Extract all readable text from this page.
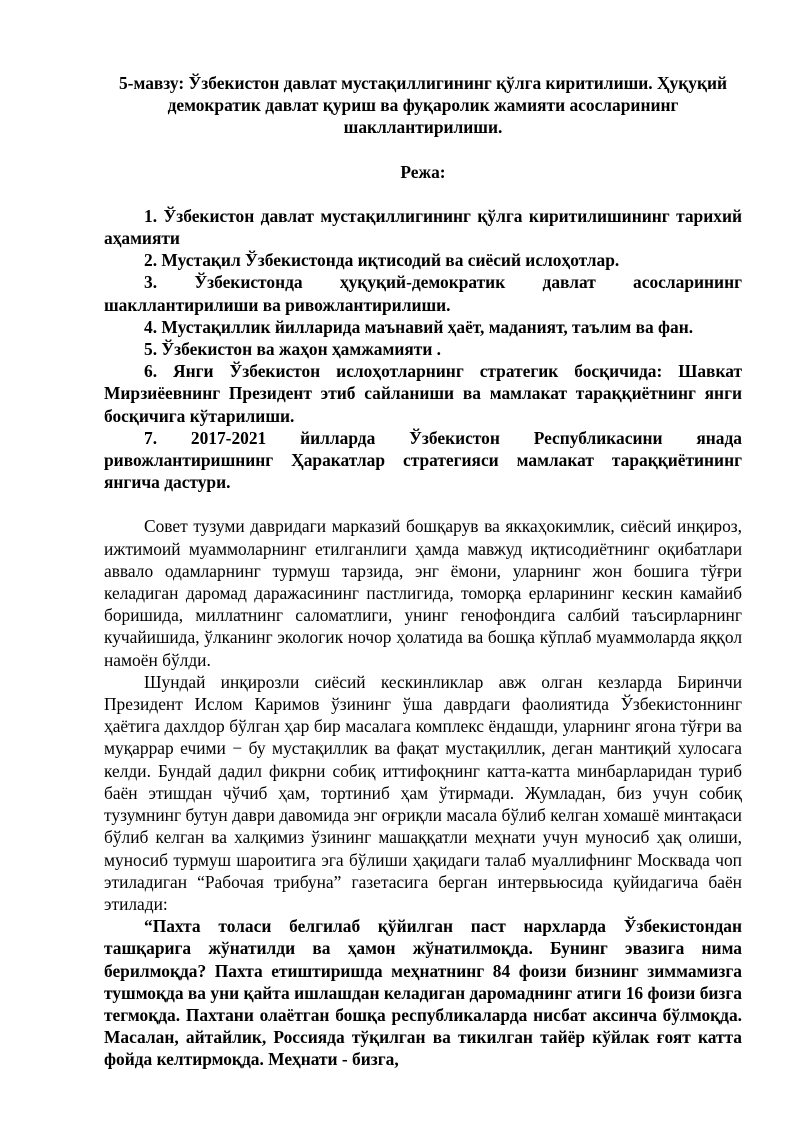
5-мавзу: Ўзбекистон давлат мустақиллигининг қўлга киритилиши. Ҳуқуқий демократик давлат қуриш ва фуқаролик жамияти асосларининг шакллантирилиши.

Режа:

1. Ўзбекистон давлат мустақиллигининг қўлга киритилишининг тарихий аҳамияти
2. Мустақил Ўзбекистонда иқтисодий ва сиёсий ислоҳотлар.
3. Ўзбекистонда ҳуқуқий-демократик давлат асосларининг шакллантирилиши ва ривожлантирилиши.
4. Мустақиллик йилларида маънавий ҳаёт, маданият, таълим ва фан.
5. Ўзбекистон ва жаҳон ҳамжамияти .
6. Янги Ўзбекистон ислоҳотларнинг стратегик босқичида: Шавкат Мирзиёевнинг Президент этиб сайланиши ва мамлакат тараққиётнинг янги босқичига кўтарилиши.
7. 2017-2021 йилларда Ўзбекистон Республикасини янада ривожлантиришнинг Ҳаракатлар стратегияси мамлакат тараққиётининг янгича дастури.

Совет тузуми давридаги марказий бошқарув ва яккаҳокимлик, сиёсий инқироз, ижтимоий муаммоларнинг етилганлиги ҳамда мавжуд иқтисодиётнинг оқибатлари аввало одамларнинг турмуш тарзида, энг ёмони, уларнинг жон бошига тўғри келадиган даромад даражасининг пастлигида, томорқа ерларининг кескин камайиб боришида, миллатнинг саломатлиги, унинг генофондига салбий таъсирларнинг кучайишида, ўлканинг экологик ночор ҳолатида ва бошқа кўплаб муаммоларда яққол намоён бўлди.

Шундай инқирозли сиёсий кескинликлар авж олган кезларда Биринчи Президент Ислом Каримов ўзининг ўша даврдаги фаолиятида Ўзбекистоннинг ҳаётига дахлдор бўлган ҳар бир масалага комплекс ёндашди, уларнинг ягона тўғри ва муқаррар ечими − бу мустақиллик ва фақат мустақиллик, деган мантиқий хулосага келди. Бундай дадил фикрни собиқ иттифоқнинг катта-катта минбарларидан туриб баён этишдан чўчиб ҳам, тортиниб ҳам ўтирмади. Жумладан, биз учун собиқ тузумнинг бутун даври давомида энг оғриқли масала бўлиб келган хомашё минтақаси бўлиб келган ва халқимиз ўзининг машаққатли меҳнати учун муносиб ҳақ олиши, муносиб турмуш шароитига эга бўлиши ҳақидаги талаб муаллифнинг Москвада чоп этиладиган “Рабочая трибуна” газетасига берган интервьюсида қуйидагича баён этилади:

“Пахта толаси белгилаб қўйилган паст нархларда Ўзбекистондан ташқарига жўнатилди ва ҳамон жўнатилмоқда. Бунинг эвазига нима берилмоқда? Пахта етиштиришда меҳнатнинг 84 фоизи бизнинг зиммамизга тушмоқда ва уни қайта ишлашдан келадиган даромаднинг атиги 16 фоизи бизга тегмоқда. Пахтани олаётган бошқа республикаларда нисбат аксинча бўлмоқда. Масалан, айтайлик, Россияда тўқилган ва тикилган тайёр кўйлак ғоят катта фойда келтирмоқда. Меҳнати - бизга,
